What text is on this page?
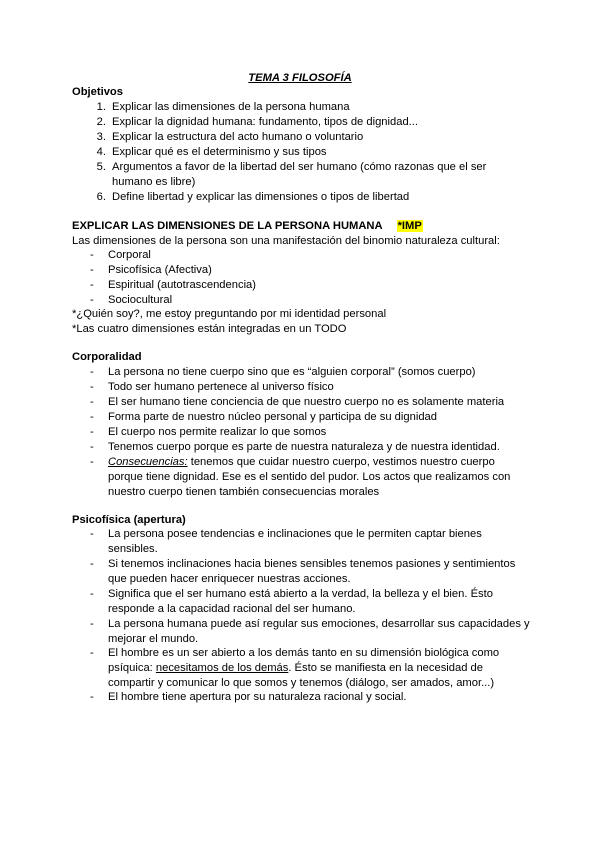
TEMA 3 FILOSOFÍA
Objetivos
1. Explicar las dimensiones de la persona humana
2. Explicar la dignidad humana: fundamento, tipos de dignidad...
3. Explicar la estructura del acto humano o voluntario
4. Explicar qué es el determinismo y sus tipos
5. Argumentos a favor de la libertad del ser humano (cómo razonas que el ser humano es libre)
6. Define libertad y explicar las dimensiones o tipos de libertad
EXPLICAR LAS DIMENSIONES DE LA PERSONA HUMANA *IMP
Las dimensiones de la persona son una manifestación del binomio naturaleza cultural:
- Corporal
- Psicofísica (Afectiva)
- Espiritual (autotrascendencia)
- Sociocultural
*¿Quién soy?, me estoy preguntando por mi identidad personal
*Las cuatro dimensiones están integradas en un TODO
Corporalidad
- La persona no tiene cuerpo sino que es “alguien corporal” (somos cuerpo)
- Todo ser humano pertenece al universo físico
- El ser humano tiene conciencia de que nuestro cuerpo no es solamente materia
- Forma parte de nuestro núcleo personal y participa de su dignidad
- El cuerpo nos permite realizar lo que somos
- Tenemos cuerpo porque es parte de nuestra naturaleza y de nuestra identidad.
- Consecuencias: tenemos que cuidar nuestro cuerpo, vestimos nuestro cuerpo porque tiene dignidad. Ese es el sentido del pudor. Los actos que realizamos con nuestro cuerpo tienen también consecuencias morales
Psicofísica (apertura)
- La persona posee tendencias e inclinaciones que le permiten captar bienes sensibles.
- Si tenemos inclinaciones hacia bienes sensibles tenemos pasiones y sentimientos que pueden hacer enriquecer nuestras acciones.
- Significa que el ser humano está abierto a la verdad, la belleza y el bien. Ésto responde a la capacidad racional del ser humano.
- La persona humana puede así regular sus emociones, desarrollar sus capacidades y mejorar el mundo.
- El hombre es un ser abierto a los demás tanto en su dimensión biológica como psíquica: necesitamos de los demás. Ésto se manifiesta en la necesidad de compartir y comunicar lo que somos y tenemos (diálogo, ser amados, amor...)
- El hombre tiene apertura por su naturaleza racional y social.
